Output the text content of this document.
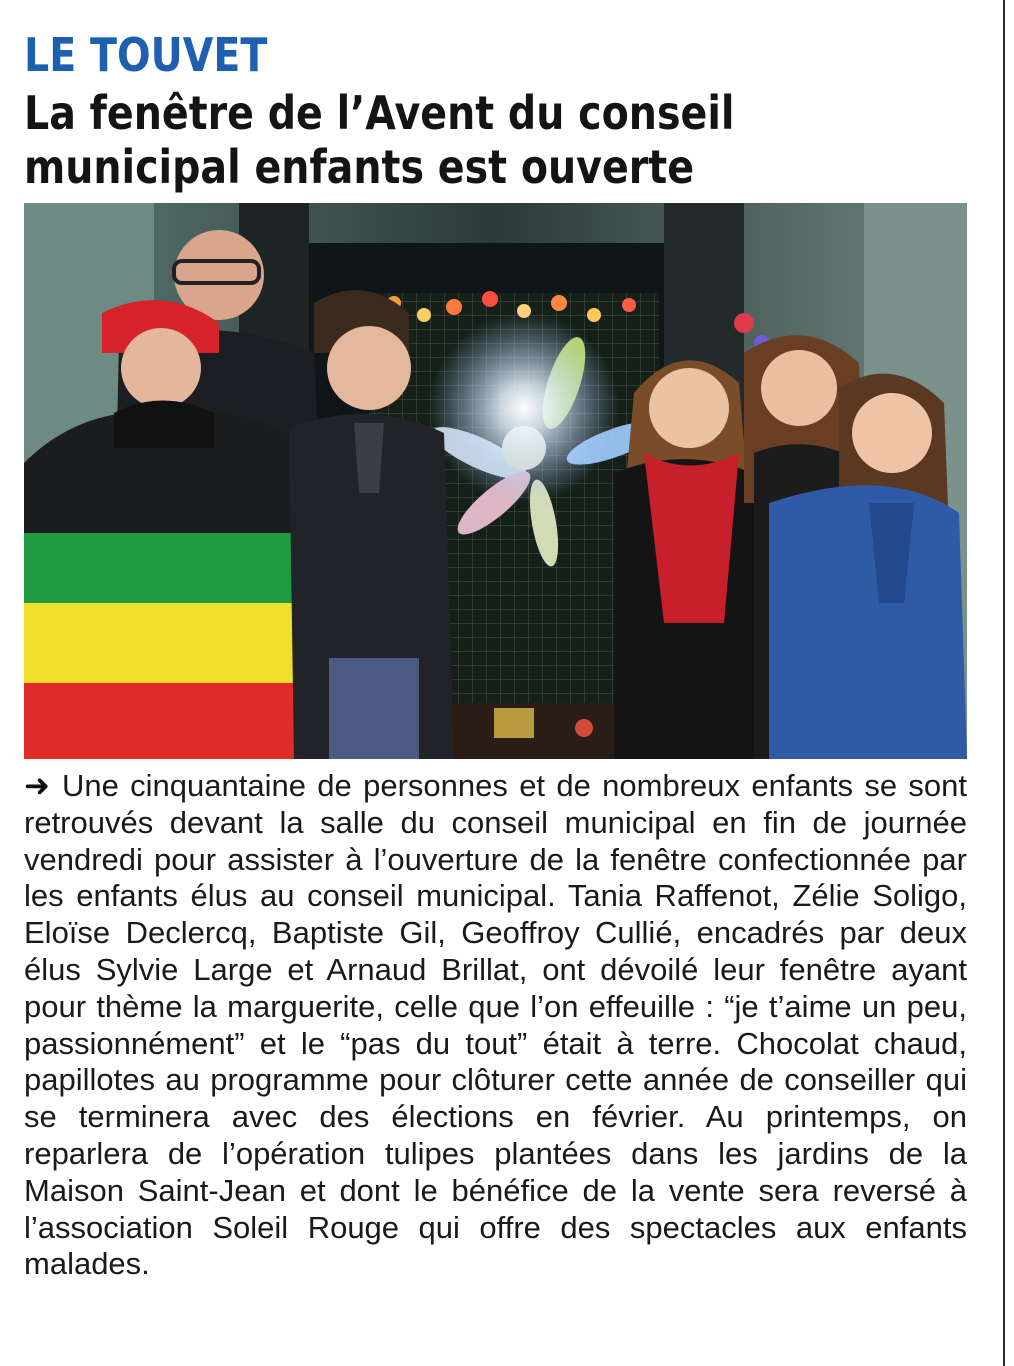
LE TOUVET
La fenêtre de l’Avent du conseil
municipal enfants est ouverte

➜ Une cinquantaine de personnes et de nombreux enfants se sont retrouvés devant la salle du conseil municipal en fin de journée vendredi pour assister à l’ouverture de la fenêtre confectionnée par les enfants élus au conseil municipal. Tania Raffenot, Zélie Soligo, Eloïse Declercq, Baptiste Gil, Geoffroy Cullié, encadrés par deux élus Sylvie Large et Arnaud Brillat, ont dévoilé leur fenêtre ayant pour thème la marguerite, celle que l’on effeuille : “je t’aime un peu, passionnément” et le “pas du tout” était à terre. Chocolat chaud, papillotes au programme pour clôturer cette année de conseiller qui se terminera avec des élections en février. Au printemps, on reparlera de l’opération tulipes plantées dans les jardins de la Maison Saint-Jean et dont le bénéfice de la vente sera reversé à l’association Soleil Rouge qui offre des spectacles aux enfants malades.
